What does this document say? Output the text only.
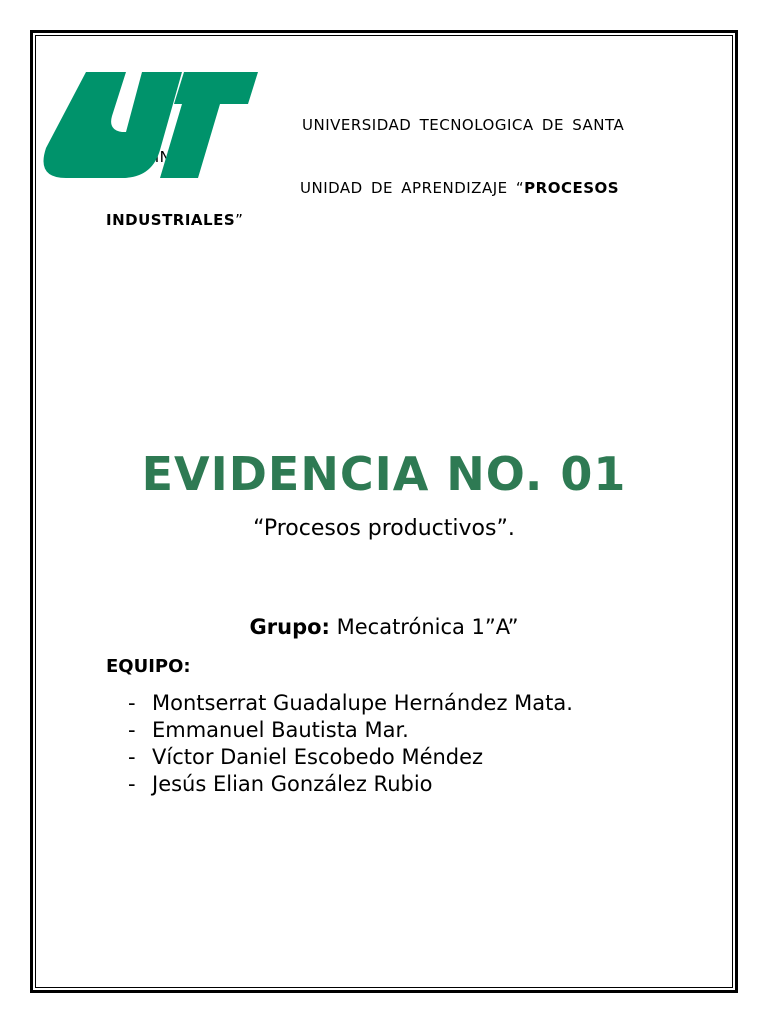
UNIVERSIDAD TECNOLOGICA DE SANTA
UNIDAD DE APRENDIZAJE “PROCESOS
INDUSTRIALES”
EVIDENCIA NO. 01
“Procesos productivos”.
Grupo: Mecatrónica 1”A”
EQUIPO:
- Montserrat Guadalupe Hernández Mata.
- Emmanuel Bautista Mar.
- Víctor Daniel Escobedo Méndez
- Jesús Elian González Rubio
